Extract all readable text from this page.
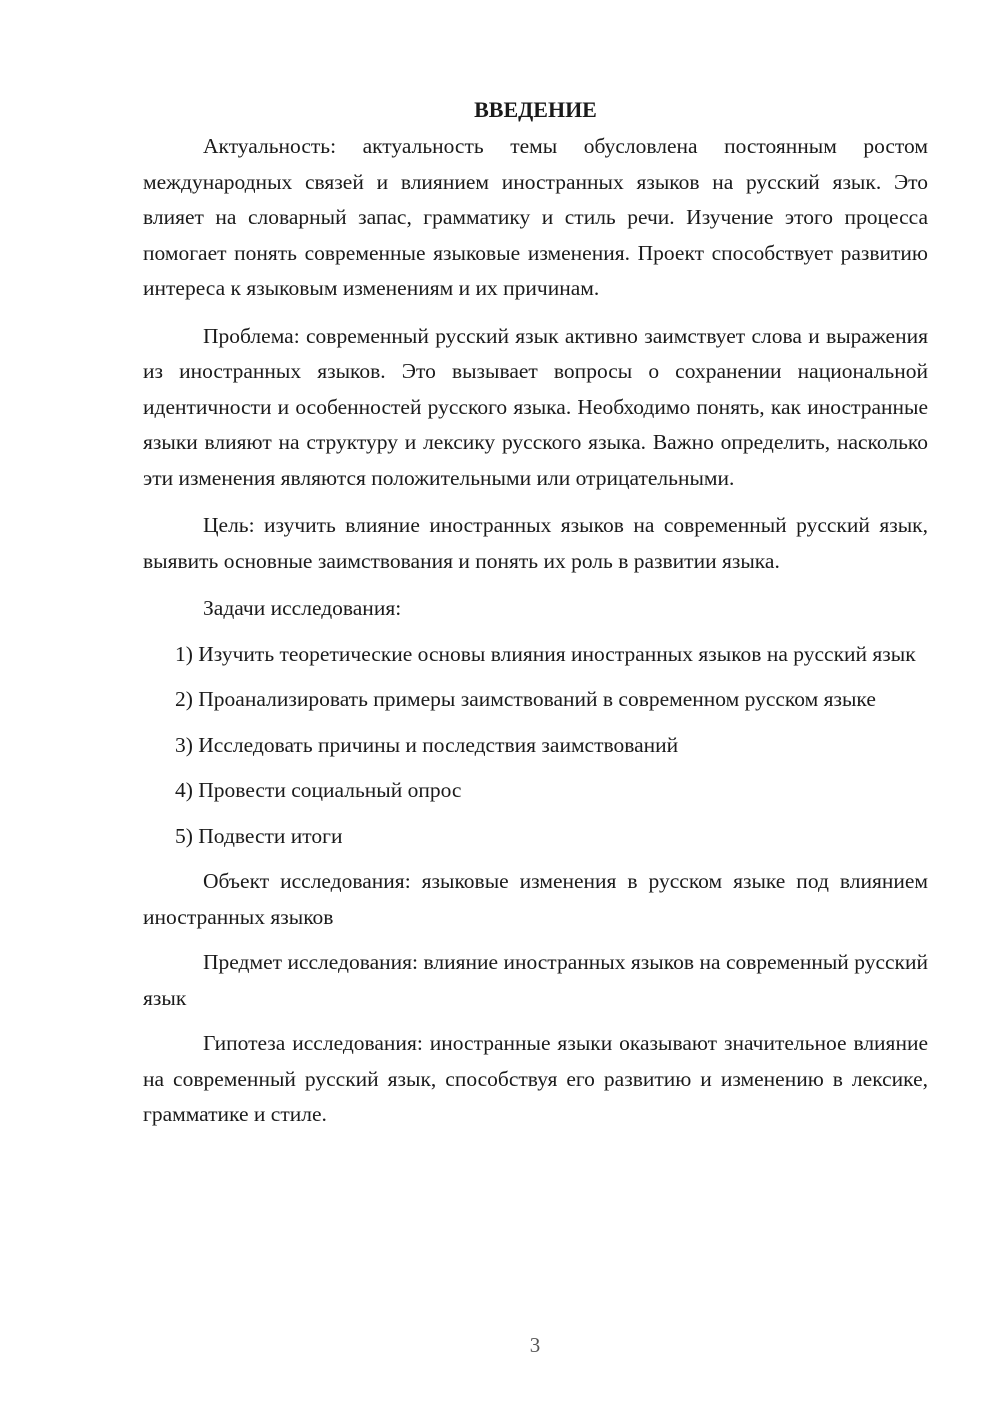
ВВЕДЕНИЕ

Актуальность: актуальность темы обусловлена постоянным ростом международных связей и влиянием иностранных языков на русский язык. Это влияет на словарный запас, грамматику и стиль речи. Изучение этого процесса помогает понять современные языковые изменения. Проект способствует развитию интереса к языковым изменениям и их причинам.

Проблема: современный русский язык активно заимствует слова и выражения из иностранных языков. Это вызывает вопросы о сохранении национальной идентичности и особенностей русского языка. Необходимо понять, как иностранные языки влияют на структуру и лексику русского языка. Важно определить, насколько эти изменения являются положительными или отрицательными.

Цель: изучить влияние иностранных языков на современный русский язык, выявить основные заимствования и понять их роль в развитии языка.

Задачи исследования:

1) Изучить теоретические основы влияния иностранных языков на русский язык

2) Проанализировать примеры заимствований в современном русском языке

3) Исследовать причины и последствия заимствований

4) Провести социальный опрос

5) Подвести итоги

Объект исследования: языковые изменения в русском языке под влиянием иностранных языков

Предмет исследования: влияние иностранных языков на современный русский язык

Гипотеза исследования: иностранные языки оказывают значительное влияние на современный русский язык, способствуя его развитию и изменению в лексике, грамматике и стиле.

3
